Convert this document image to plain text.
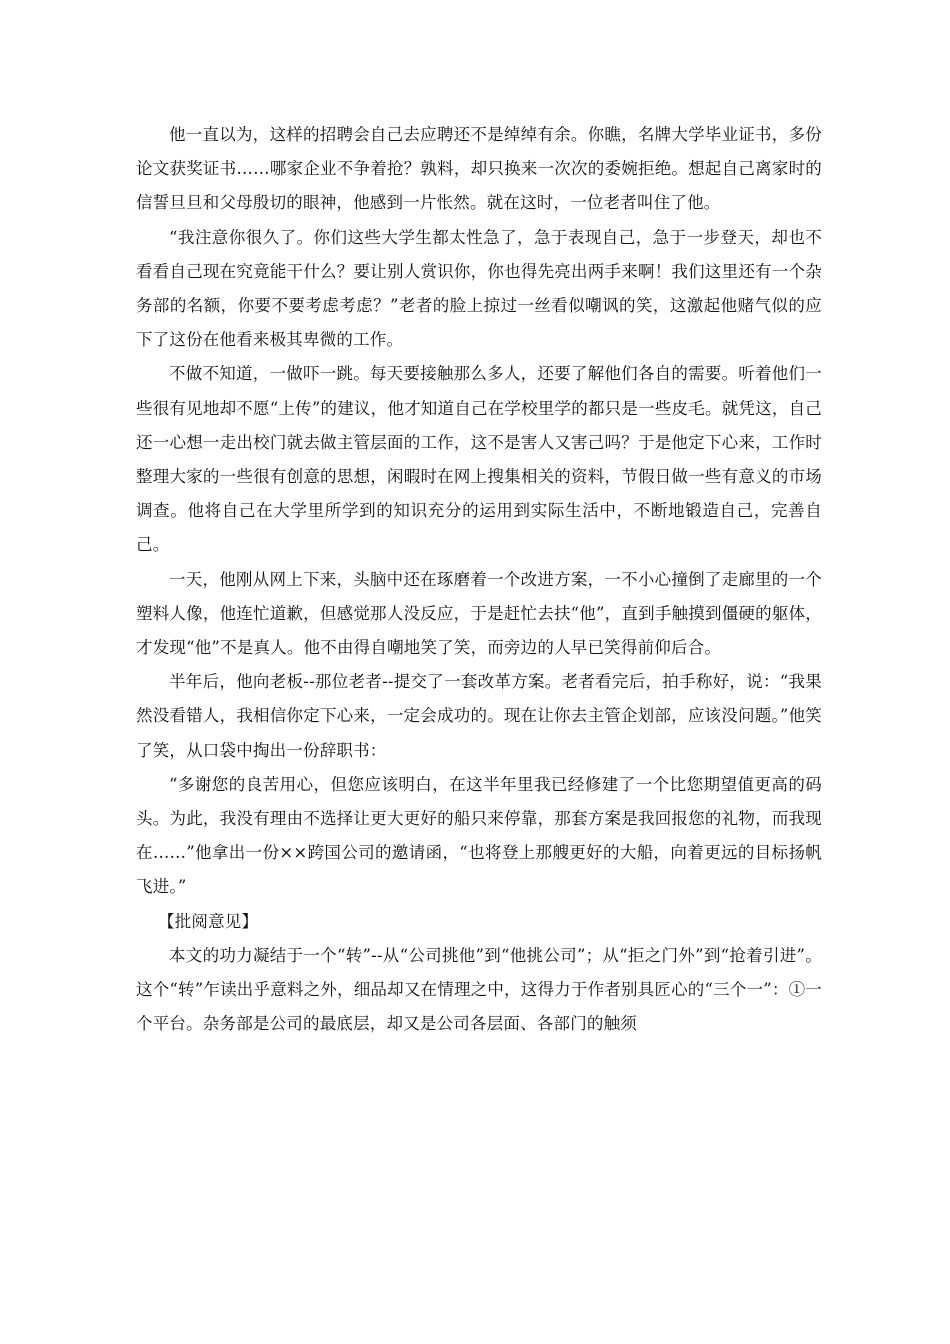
他一直以为，这样的招聘会自己去应聘还不是绰绰有余。你瞧，名牌大学毕业证书，多份论文获奖证书……哪家企业不争着抢？孰料，却只换来一次次的委婉拒绝。想起自己离家时的信誓旦旦和父母殷切的眼神，他感到一片怅然。就在这时，一位老者叫住了他。

“我注意你很久了。你们这些大学生都太性急了，急于表现自己，急于一步登天，却也不看看自己现在究竟能干什么？要让别人赏识你，你也得先亮出两手来啊！我们这里还有一个杂务部的名额，你要不要考虑考虑？”老者的脸上掠过一丝看似嘲讽的笑，这激起他赌气似的应下了这份在他看来极其卑微的工作。

不做不知道，一做吓一跳。每天要接触那么多人，还要了解他们各自的需要。听着他们一些很有见地却不愿“上传”的建议，他才知道自己在学校里学的都只是一些皮毛。就凭这，自己还一心想一走出校门就去做主管层面的工作，这不是害人又害己吗？于是他定下心来，工作时整理大家的一些很有创意的思想，闲暇时在网上搜集相关的资料，节假日做一些有意义的市场调查。他将自己在大学里所学到的知识充分的运用到实际生活中，不断地锻造自己，完善自己。

一天，他刚从网上下来，头脑中还在琢磨着一个改进方案，一不小心撞倒了走廊里的一个塑料人像，他连忙道歉，但感觉那人没反应，于是赶忙去扶“他”，直到手触摸到僵硬的躯体，才发现“他”不是真人。他不由得自嘲地笑了笑，而旁边的人早已笑得前仰后合。

半年后，他向老板--那位老者--提交了一套改革方案。老者看完后，拍手称好，说：“我果然没看错人，我相信你定下心来，一定会成功的。现在让你去主管企划部，应该没问题。”他笑了笑，从口袋中掏出一份辞职书：

“多谢您的良苦用心，但您应该明白，在这半年里我已经修建了一个比您期望值更高的码头。为此，我没有理由不选择让更大更好的船只来停靠，那套方案是我回报您的礼物，而我现在……”他拿出一份××跨国公司的邀请函，“也将登上那艘更好的大船，向着更远的目标扬帆飞进。”

【批阅意见】

本文的功力凝结于一个“转”--从“公司挑他”到“他挑公司”；从“拒之门外”到“抢着引进”。这个“转”乍读出乎意料之外，细品却又在情理之中，这得力于作者别具匠心的“三个一”：①一个平台。杂务部是公司的最底层，却又是公司各层面、各部门的触须
